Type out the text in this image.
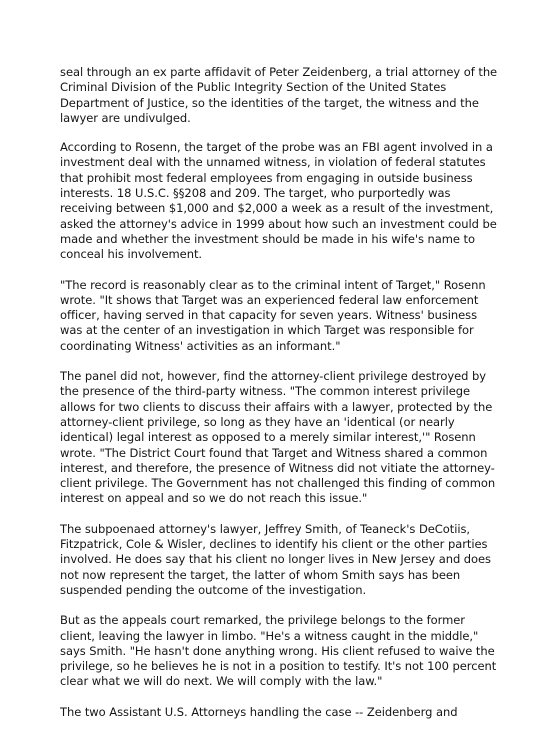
seal through an ex parte affidavit of Peter Zeidenberg, a trial attorney of the
Criminal Division of the Public Integrity Section of the United States
Department of Justice, so the identities of the target, the witness and the
lawyer are undivulged.

According to Rosenn, the target of the probe was an FBI agent involved in a
investment deal with the unnamed witness, in violation of federal statutes
that prohibit most federal employees from engaging in outside business
interests. 18 U.S.C. §§208 and 209. The target, who purportedly was
receiving between $1,000 and $2,000 a week as a result of the investment,
asked the attorney's advice in 1999 about how such an investment could be
made and whether the investment should be made in his wife's name to
conceal his involvement.

"The record is reasonably clear as to the criminal intent of Target," Rosenn
wrote. "It shows that Target was an experienced federal law enforcement
officer, having served in that capacity for seven years. Witness' business
was at the center of an investigation in which Target was responsible for
coordinating Witness' activities as an informant."

The panel did not, however, find the attorney-client privilege destroyed by
the presence of the third-party witness. "The common interest privilege
allows for two clients to discuss their affairs with a lawyer, protected by the
attorney-client privilege, so long as they have an 'identical (or nearly
identical) legal interest as opposed to a merely similar interest,'" Rosenn
wrote. "The District Court found that Target and Witness shared a common
interest, and therefore, the presence of Witness did not vitiate the attorney-
client privilege. The Government has not challenged this finding of common
interest on appeal and so we do not reach this issue."

The subpoenaed attorney's lawyer, Jeffrey Smith, of Teaneck's DeCotiis,
Fitzpatrick, Cole & Wisler, declines to identify his client or the other parties
involved. He does say that his client no longer lives in New Jersey and does
not now represent the target, the latter of whom Smith says has been
suspended pending the outcome of the investigation.

But as the appeals court remarked, the privilege belongs to the former
client, leaving the lawyer in limbo. "He's a witness caught in the middle,"
says Smith. "He hasn't done anything wrong. His client refused to waive the
privilege, so he believes he is not in a position to testify. It's not 100 percent
clear what we will do next. We will comply with the law."

The two Assistant U.S. Attorneys handling the case -- Zeidenberg and
